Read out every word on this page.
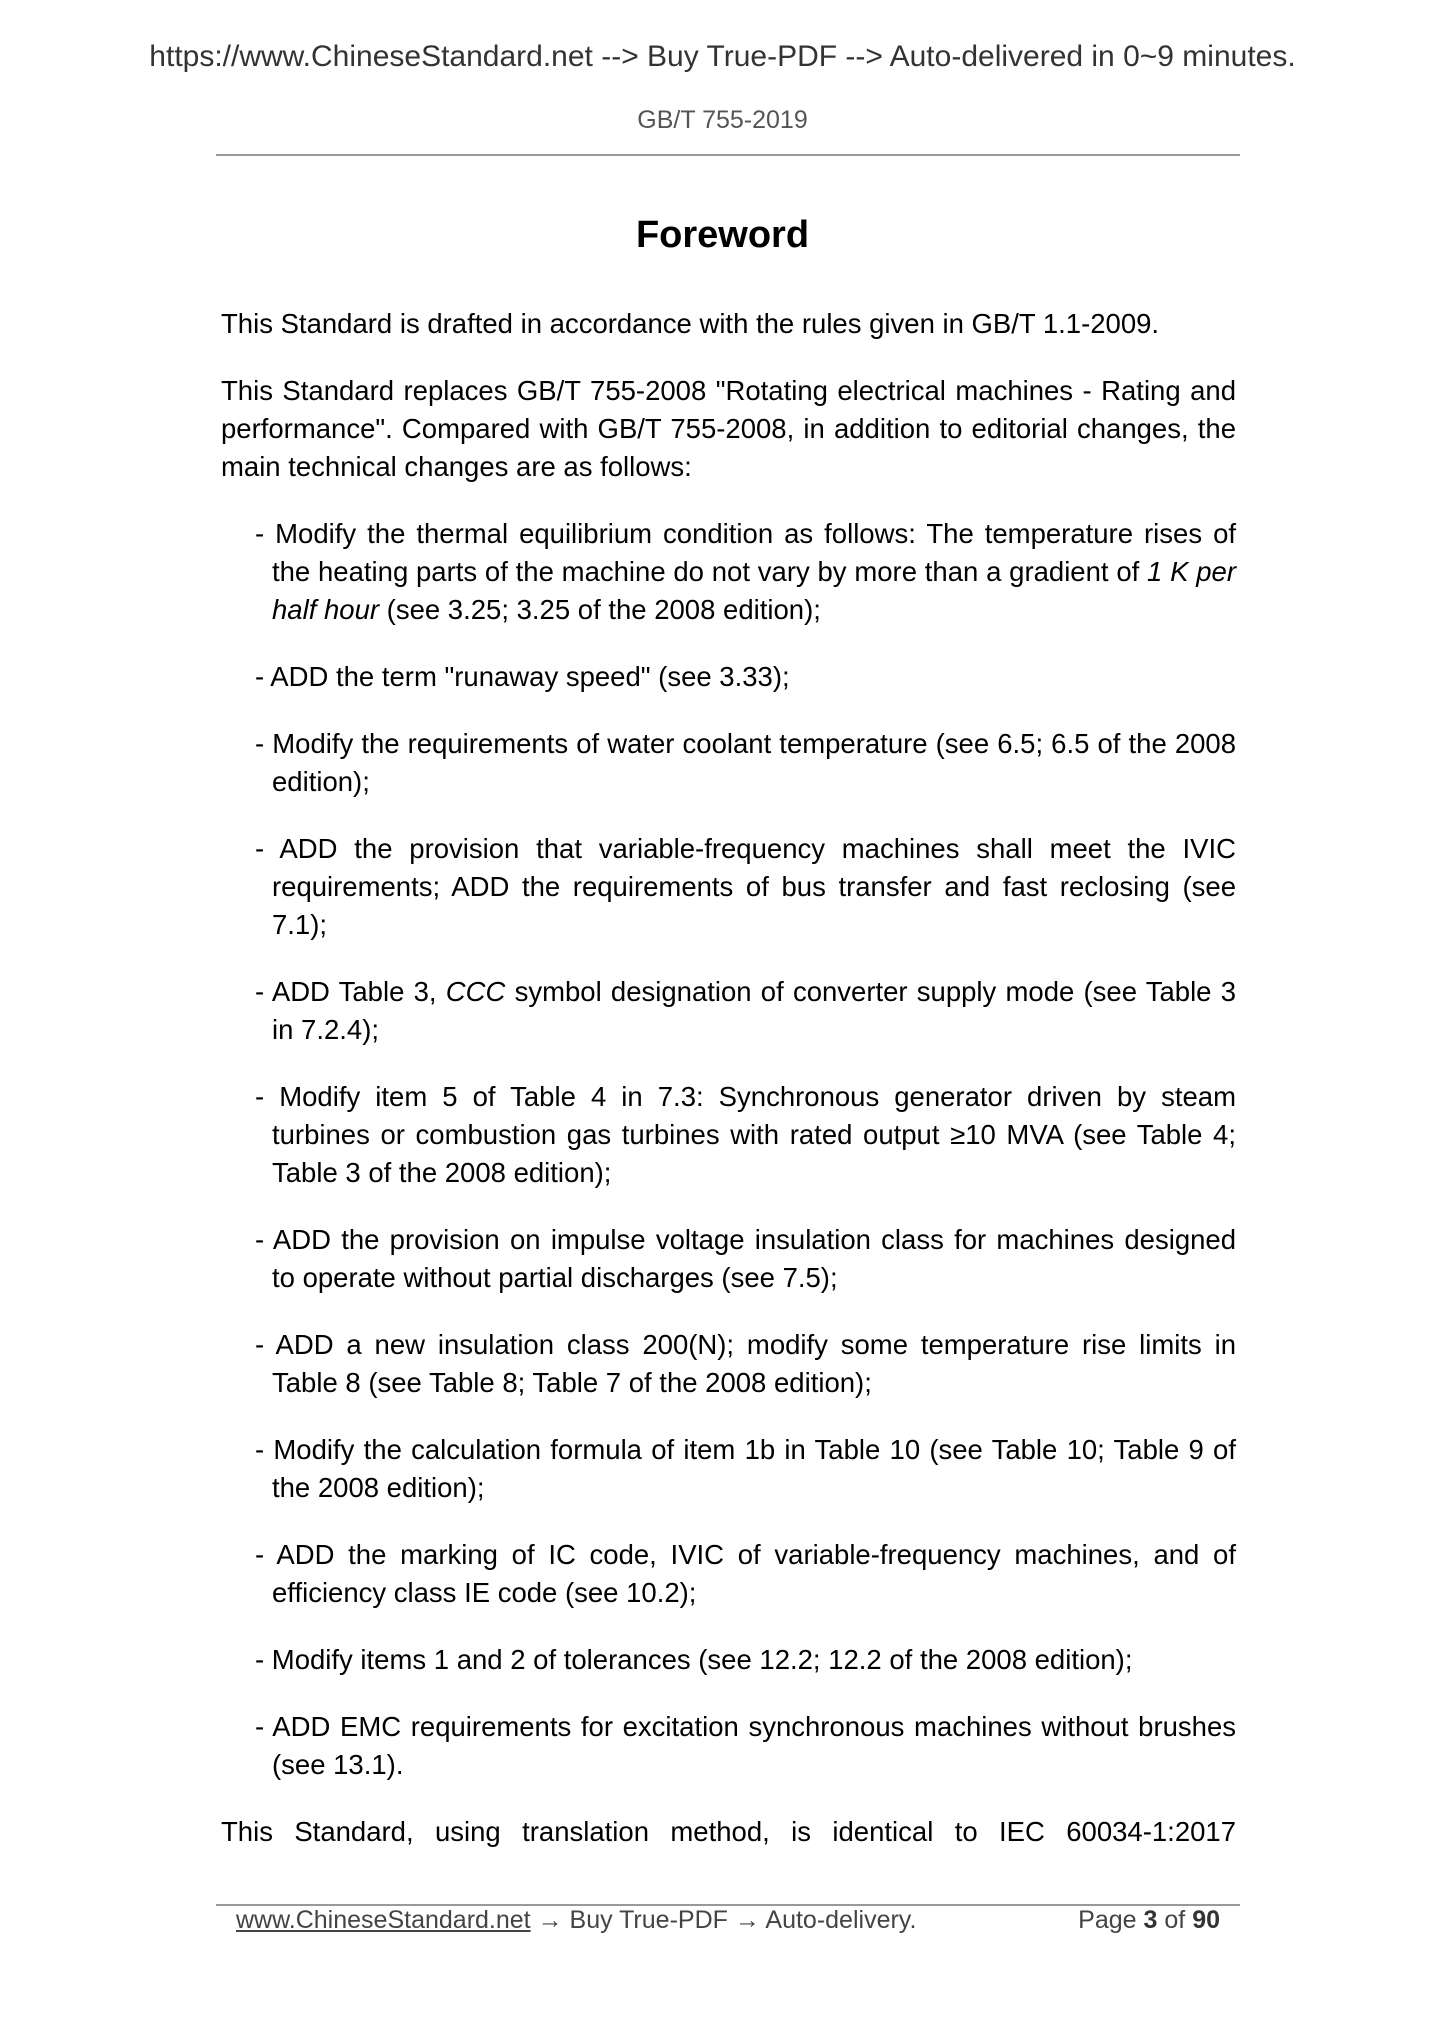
https://www.ChineseStandard.net --> Buy True-PDF --> Auto-delivered in 0~9 minutes.
GB/T 755-2019
Foreword

This Standard is drafted in accordance with the rules given in GB/T 1.1-2009.

This Standard replaces GB/T 755-2008 "Rotating electrical machines - Rating and performance". Compared with GB/T 755-2008, in addition to editorial changes, the main technical changes are as follows:

- Modify the thermal equilibrium condition as follows: The temperature rises of the heating parts of the machine do not vary by more than a gradient of 1 K per half hour (see 3.25; 3.25 of the 2008 edition);

- ADD the term "runaway speed" (see 3.33);

- Modify the requirements of water coolant temperature (see 6.5; 6.5 of the 2008 edition);

- ADD the provision that variable-frequency machines shall meet the IVIC requirements; ADD the requirements of bus transfer and fast reclosing (see 7.1);

- ADD Table 3, CCC symbol designation of converter supply mode (see Table 3 in 7.2.4);

- Modify item 5 of Table 4 in 7.3: Synchronous generator driven by steam turbines or combustion gas turbines with rated output ≥10 MVA (see Table 4; Table 3 of the 2008 edition);

- ADD the provision on impulse voltage insulation class for machines designed to operate without partial discharges (see 7.5);

- ADD a new insulation class 200(N); modify some temperature rise limits in Table 8 (see Table 8; Table 7 of the 2008 edition);

- Modify the calculation formula of item 1b in Table 10 (see Table 10; Table 9 of the 2008 edition);

- ADD the marking of IC code, IVIC of variable-frequency machines, and of efficiency class IE code (see 10.2);

- Modify items 1 and 2 of tolerances (see 12.2; 12.2 of the 2008 edition);

- ADD EMC requirements for excitation synchronous machines without brushes (see 13.1).

This Standard, using translation method, is identical to IEC 60034-1:2017

www.ChineseStandard.net → Buy True-PDF → Auto-delivery.	Page 3 of 90
